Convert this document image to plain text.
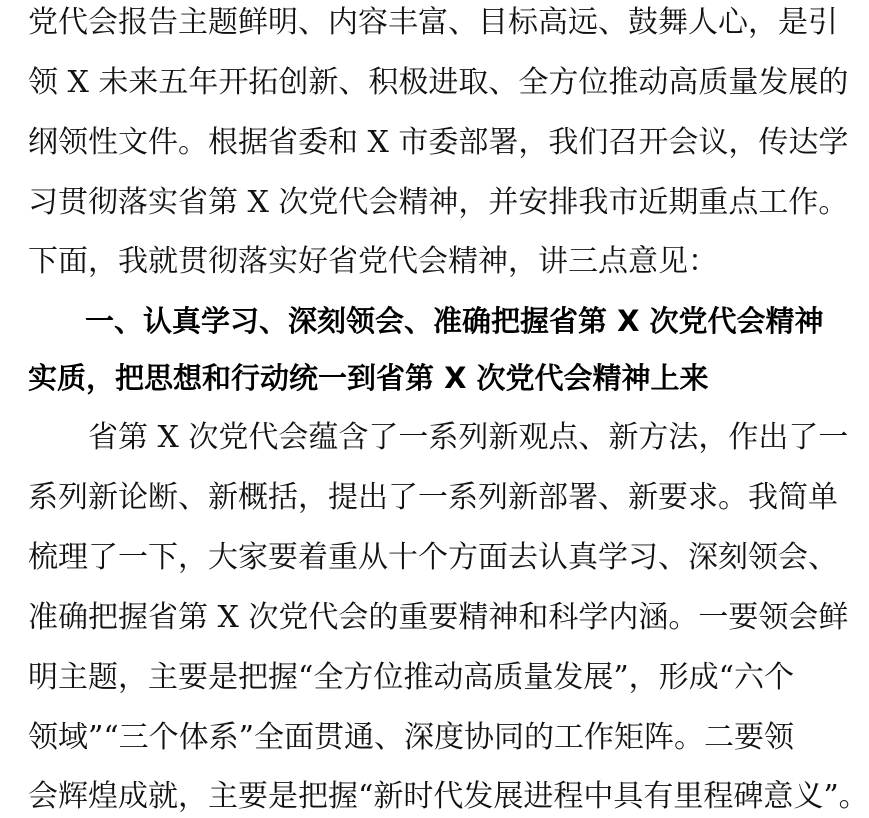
党代会报告主题鲜明、内容丰富、目标高远、鼓舞人心，是引
领 X 未来五年开拓创新、积极进取、全方位推动高质量发展的
纲领性文件。根据省委和 X 市委部署，我们召开会议，传达学
习贯彻落实省第 X 次党代会精神，并安排我市近期重点工作。
下面，我就贯彻落实好省党代会精神，讲三点意见：
一、认真学习、深刻领会、准确把握省第 X 次党代会精神
实质，把思想和行动统一到省第 X 次党代会精神上来
省第 X 次党代会蕴含了一系列新观点、新方法，作出了一
系列新论断、新概括，提出了一系列新部署、新要求。我简单
梳理了一下，大家要着重从十个方面去认真学习、深刻领会、
准确把握省第 X 次党代会的重要精神和科学内涵。一要领会鲜
明主题，主要是把握“全方位推动高质量发展”，形成“六个
领域”“三个体系”全面贯通、深度协同的工作矩阵。二要领
会辉煌成就，主要是把握“新时代发展进程中具有里程碑意义”。
